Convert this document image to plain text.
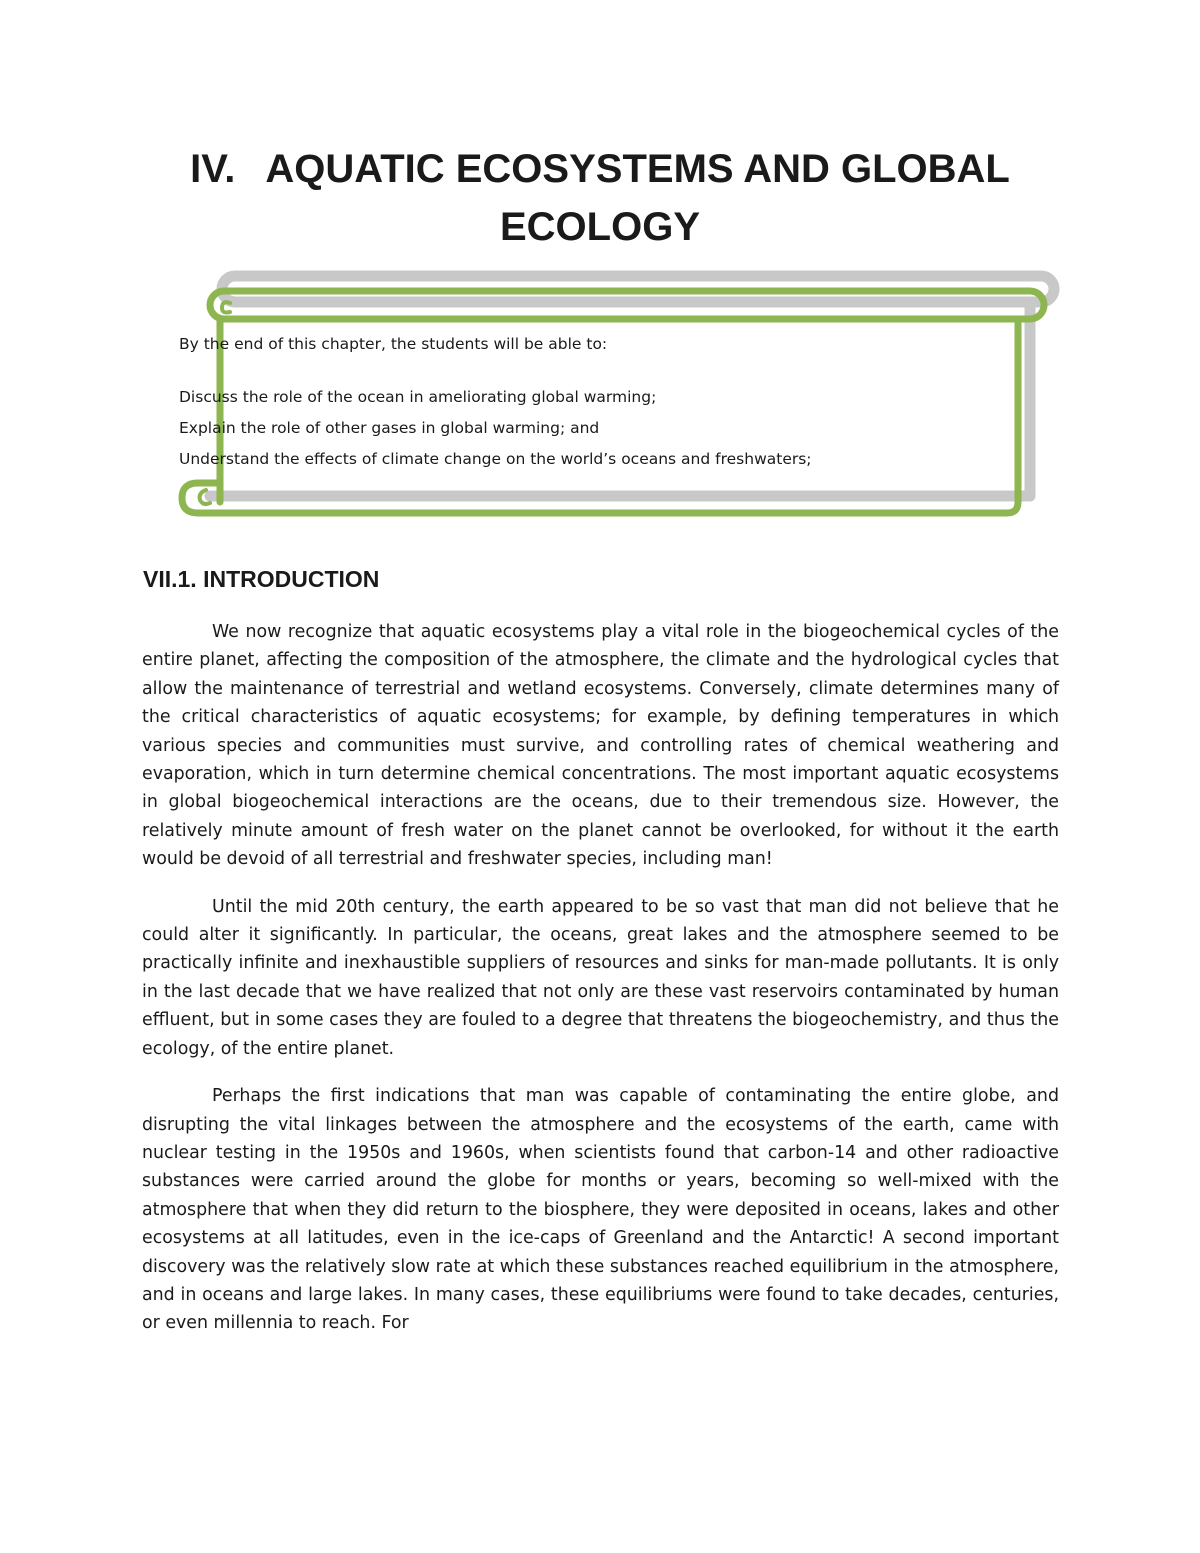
IV. AQUATIC ECOSYSTEMS AND GLOBAL ECOLOGY

By the end of this chapter, the students will be able to:

Discuss the role of the ocean in ameliorating global warming;
Explain the role of other gases in global warming; and
Understand the effects of climate change on the world’s oceans and freshwaters;
VII.1. INTRODUCTION

We now recognize that aquatic ecosystems play a vital role in the biogeochemical cycles of the entire planet, affecting the composition of the atmosphere, the climate and the hydrological cycles that allow the maintenance of terrestrial and wetland ecosystems. Conversely, climate determines many of the critical characteristics of aquatic ecosystems; for example, by defining temperatures in which various species and communities must survive, and controlling rates of chemical weathering and evaporation, which in turn determine chemical concentrations. The most important aquatic ecosystems in global biogeochemical interactions are the oceans, due to their tremendous size. However, the relatively minute amount of fresh water on the planet cannot be overlooked, for without it the earth would be devoid of all terrestrial and freshwater species, including man!

Until the mid 20th century, the earth appeared to be so vast that man did not believe that he could alter it significantly. In particular, the oceans, great lakes and the atmosphere seemed to be practically infinite and inexhaustible suppliers of resources and sinks for man-made pollutants. It is only in the last decade that we have realized that not only are these vast reservoirs contaminated by human effluent, but in some cases they are fouled to a degree that threatens the biogeochemistry, and thus the ecology, of the entire planet.

Perhaps the first indications that man was capable of contaminating the entire globe, and disrupting the vital linkages between the atmosphere and the ecosystems of the earth, came with nuclear testing in the 1950s and 1960s, when scientists found that carbon-14 and other radioactive substances were carried around the globe for months or years, becoming so well-mixed with the atmosphere that when they did return to the biosphere, they were deposited in oceans, lakes and other ecosystems at all latitudes, even in the ice-caps of Greenland and the Antarctic! A second important discovery was the relatively slow rate at which these substances reached equilibrium in the atmosphere, and in oceans and large lakes. In many cases, these equilibriums were found to take decades, centuries, or even millennia to reach. For
